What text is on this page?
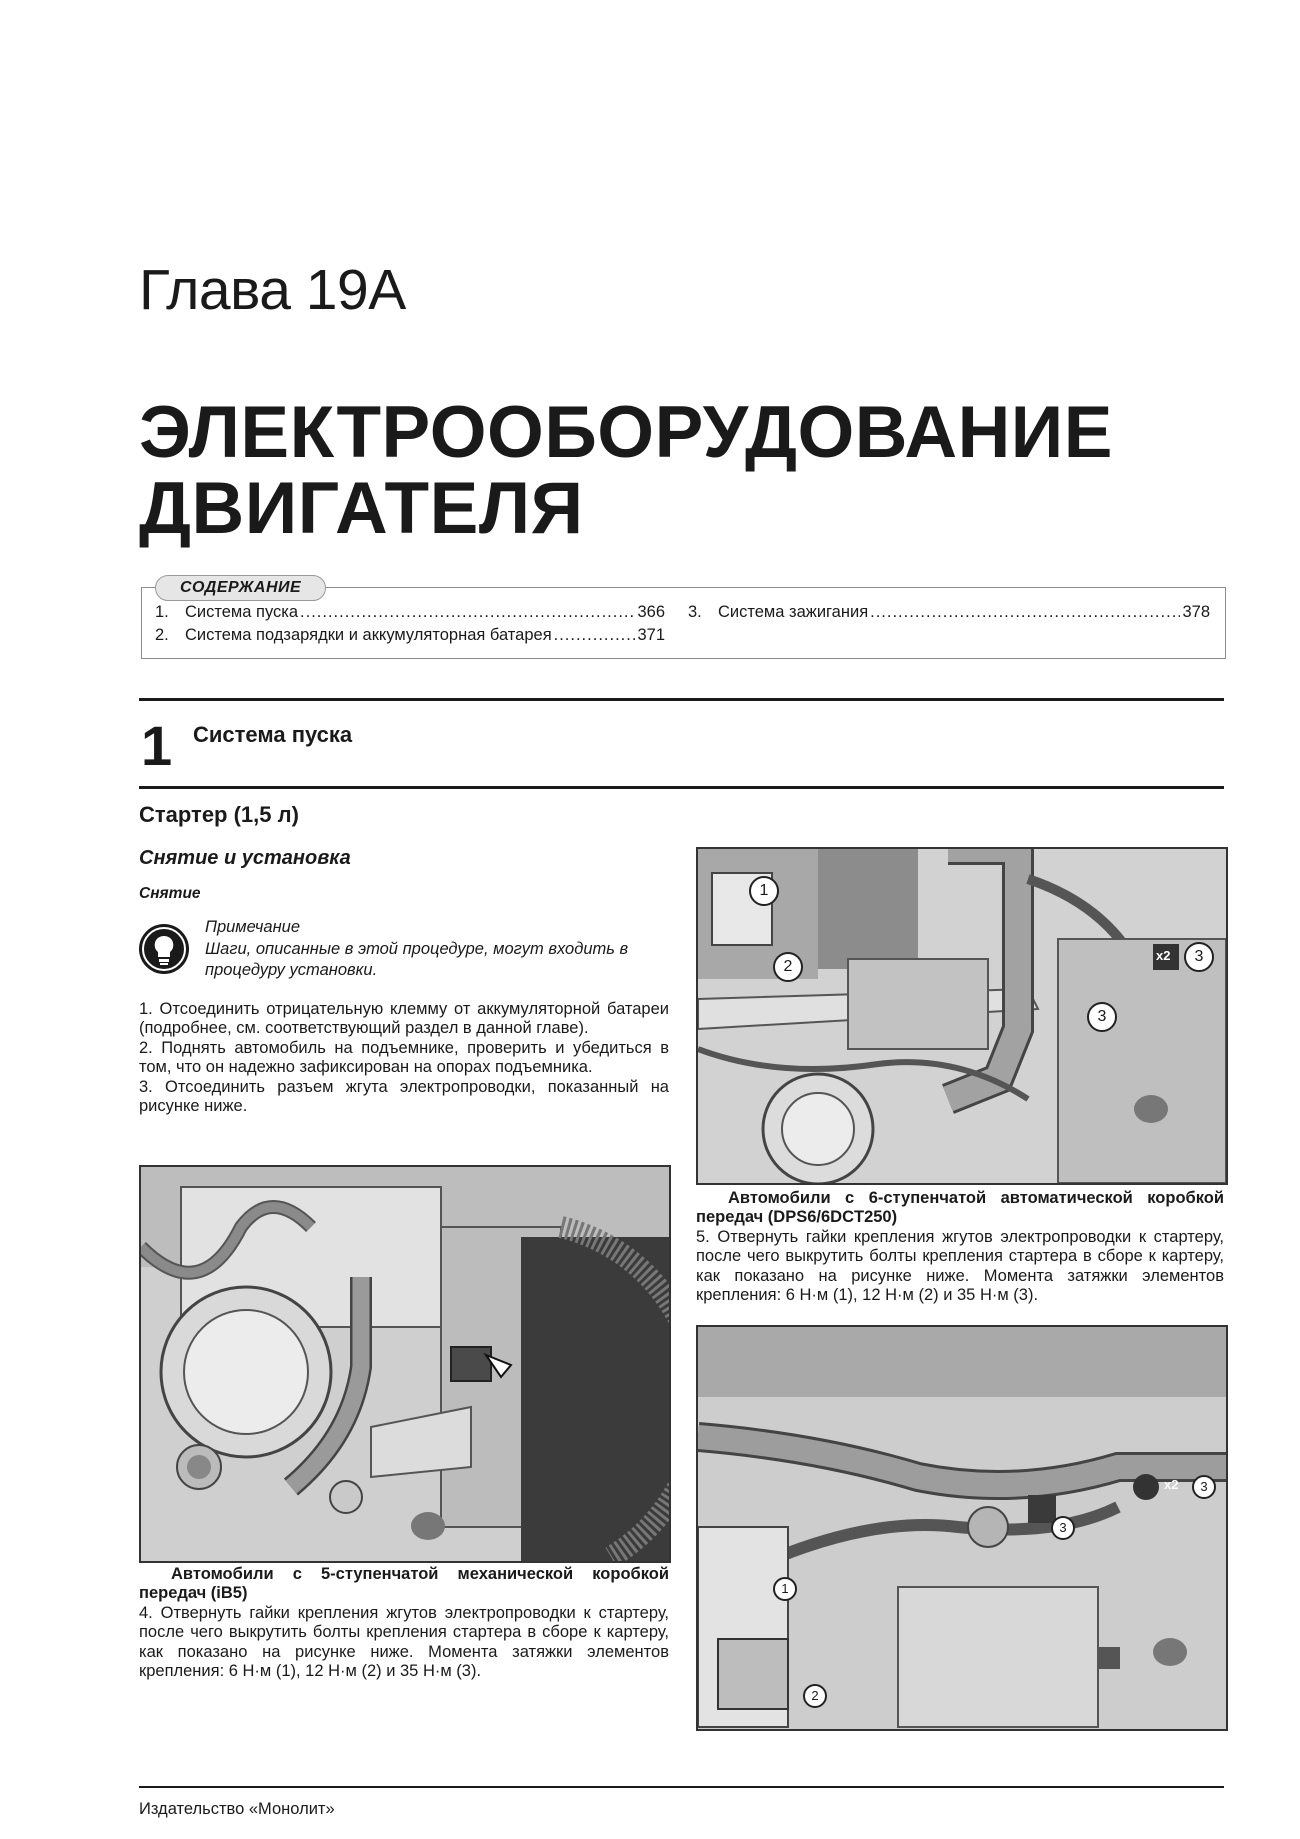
Глава 19А
ЭЛЕКТРООБОРУДОВАНИЕ
ДВИГАТЕЛЯ
СОДЕРЖАНИЕ
1. Система пуска .....	366
2. Система подзарядки и аккумуляторная батарея .....	371
3. Система зажигания .....	378
1 Система пуска
Стартер (1,5 л)
Снятие и установка
Снятие
Примечание
Шаги, описанные в этой процедуре, могут входить в процедуру установки.

1. Отсоединить отрицательную клемму от аккумуляторной батареи (подробнее, см. соответствующий раздел в данной главе).

2. Поднять автомобиль на подъемнике, проверить и убедиться в том, что он надежно зафиксирован на опорах подъемника.

3. Отсоединить разъем жгута электропроводки, показанный на рисунке ниже.

Автомобили с 5-ступенчатой механической коробкой передач (iB5)
4. Отвернуть гайки крепления жгутов электропроводки к стартеру, после чего выкрутить болты крепления стартера в сборе к картеру, как показано на рисунке ниже. Момента затяжки элементов крепления: 6 Н·м (1), 12 Н·м (2) и 35 Н·м (3).
1
2
x2	3
3
Автомобили с 6-ступенчатой автоматической коробкой передач (DPS6/6DCT250)
5. Отвернуть гайки крепления жгутов электропроводки к стартеру, после чего выкрутить болты крепления стартера в сборе к картеру, как показано на рисунке ниже. Момента затяжки элементов крепления: 6 Н·м (1), 12 Н·м (2) и 35 Н·м (3).
x2	3
3
1
2
Издательство «Монолит»
